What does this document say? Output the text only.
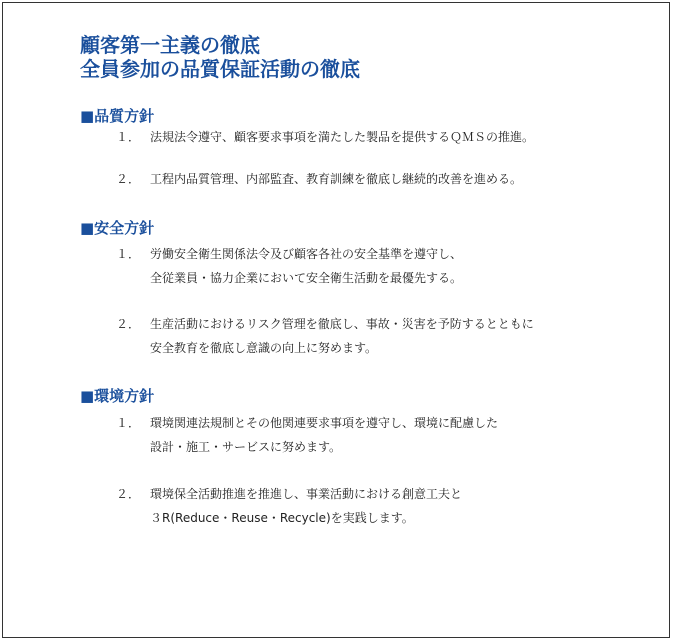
顧客第一主義の徹底
全員参加の品質保証活動の徹底
■品質方針
１． 法規法令遵守、顧客要求事項を満たした製品を提供するＱＭＳの推進。
２． 工程内品質管理、内部監査、教育訓練を徹底し継続的改善を進める。
■安全方針
１． 労働安全衛生関係法令及び顧客各社の安全基準を遵守し、
全従業員・協力企業において安全衛生活動を最優先する。
２． 生産活動におけるリスク管理を徹底し、事故・災害を予防するとともに
安全教育を徹底し意識の向上に努めます。
■環境方針
１． 環境関連法規制とその他関連要求事項を遵守し、環境に配慮した
設計・施工・サービスに努めます。
２． 環境保全活動推進を推進し、事業活動における創意工夫と
３R(Reduce・Reuse・Recycle)を実践します。
